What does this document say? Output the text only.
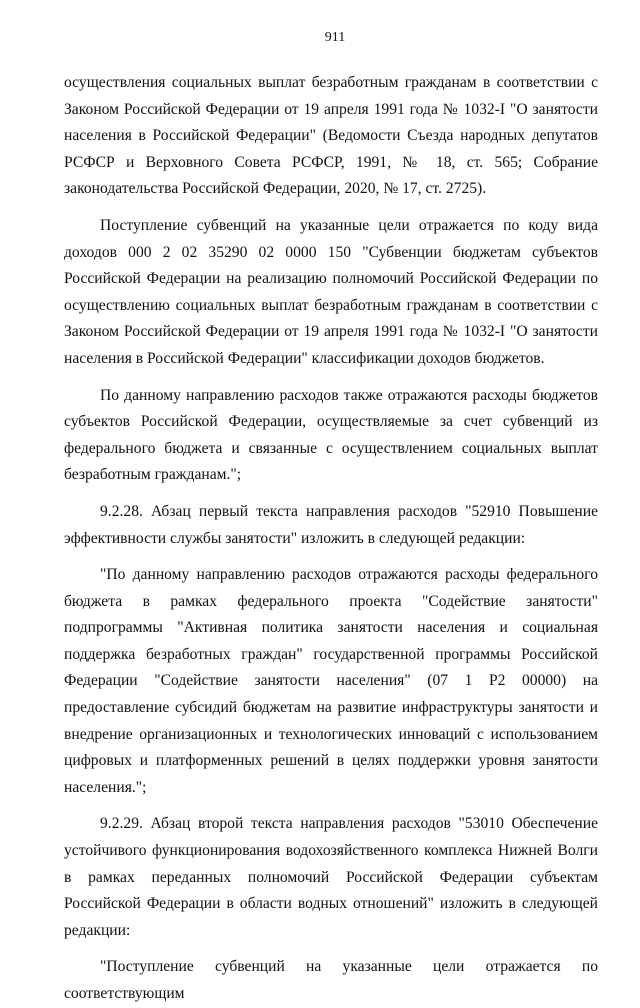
911

осуществления социальных выплат безработным гражданам в соответствии с Законом Российской Федерации от 19 апреля 1991 года № 1032-I "О занятости населения в Российской Федерации" (Ведомости Съезда народных депутатов РСФСР и Верховного Совета РСФСР, 1991, № 18, ст. 565; Собрание законодательства Российской Федерации, 2020, № 17, ст. 2725).

Поступление субвенций на указанные цели отражается по коду вида доходов 000 2 02 35290 02 0000 150 "Субвенции бюджетам субъектов Российской Федерации на реализацию полномочий Российской Федерации по осуществлению социальных выплат безработным гражданам в соответствии с Законом Российской Федерации от 19 апреля 1991 года № 1032-I "О занятости населения в Российской Федерации" классификации доходов бюджетов.

По данному направлению расходов также отражаются расходы бюджетов субъектов Российской Федерации, осуществляемые за счет субвенций из федерального бюджета и связанные с осуществлением социальных выплат безработным гражданам.";

9.2.28. Абзац первый текста направления расходов "52910 Повышение эффективности службы занятости" изложить в следующей редакции:

"По данному направлению расходов отражаются расходы федерального бюджета в рамках федерального проекта "Содействие занятости" подпрограммы "Активная политика занятости населения и социальная поддержка безработных граждан" государственной программы Российской Федерации "Содействие занятости населения" (07 1 Р2 00000) на предоставление субсидий бюджетам на развитие инфраструктуры занятости и внедрение организационных и технологических инноваций с использованием цифровых и платформенных решений в целях поддержки уровня занятости населения.";

9.2.29. Абзац второй текста направления расходов "53010 Обеспечение устойчивого функционирования водохозяйственного комплекса Нижней Волги в рамках переданных полномочий Российской Федерации субъектам Российской Федерации в области водных отношений" изложить в следующей редакции:

"Поступление субвенций на указанные цели отражается по соответствующим
